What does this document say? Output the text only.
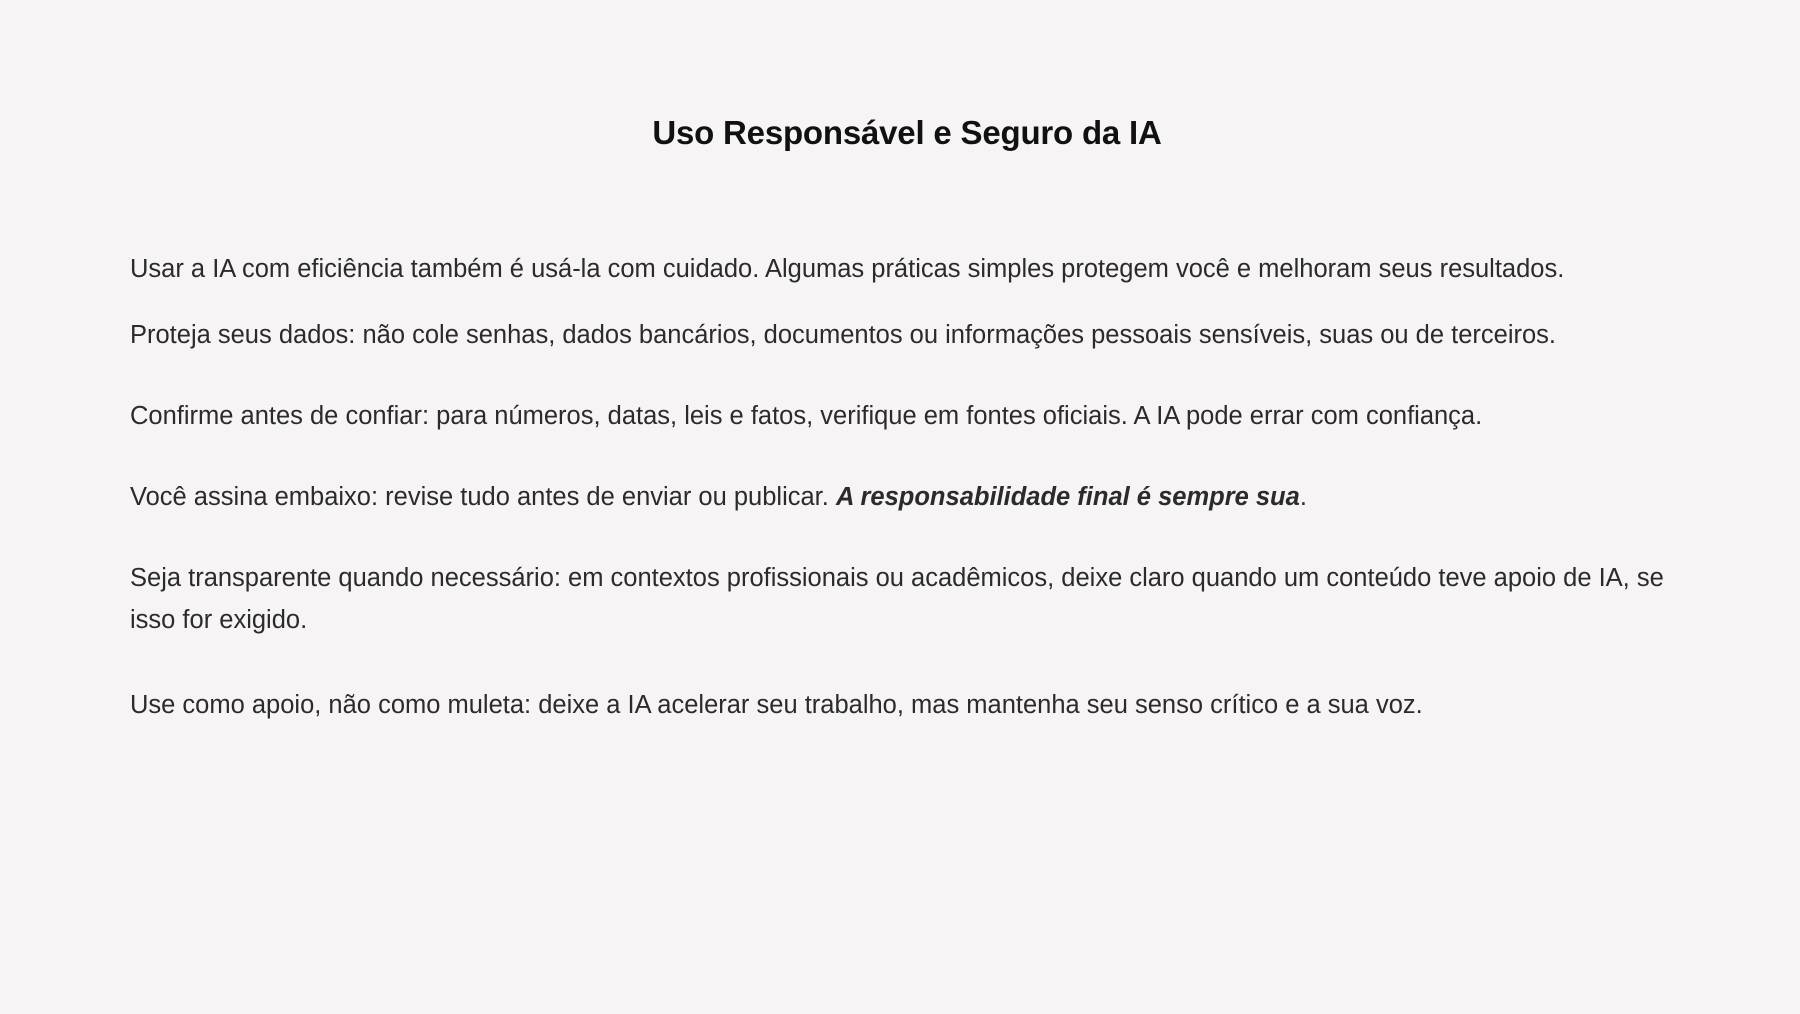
Uso Responsável e Seguro da IA

Usar a IA com eficiência também é usá-la com cuidado. Algumas práticas simples protegem você e melhoram seus resultados.

Proteja seus dados: não cole senhas, dados bancários, documentos ou informações pessoais sensíveis, suas ou de terceiros.

Confirme antes de confiar: para números, datas, leis e fatos, verifique em fontes oficiais. A IA pode errar com confiança.

Você assina embaixo: revise tudo antes de enviar ou publicar. A responsabilidade final é sempre sua.

Seja transparente quando necessário: em contextos profissionais ou acadêmicos, deixe claro quando um conteúdo teve apoio de IA, se isso for exigido.

Use como apoio, não como muleta: deixe a IA acelerar seu trabalho, mas mantenha seu senso crítico e a sua voz.
